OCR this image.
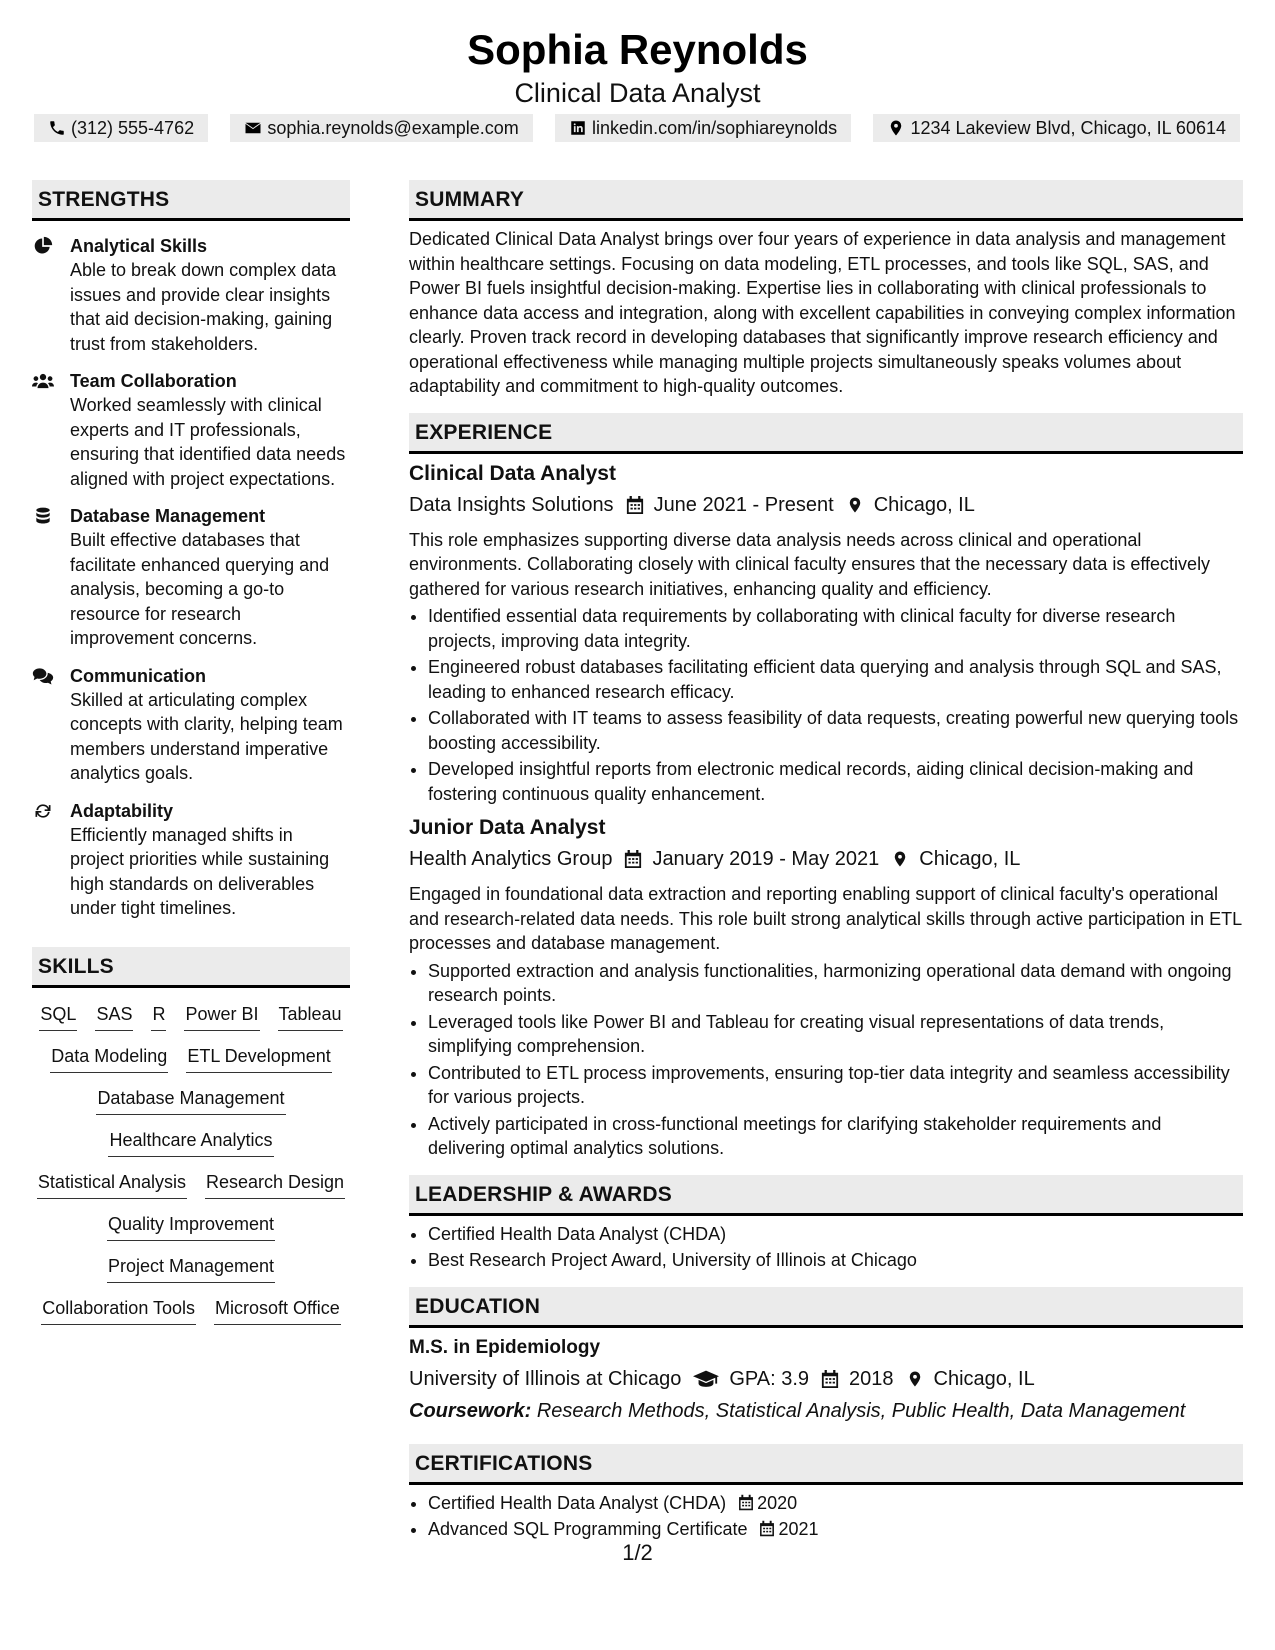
Sophia Reynolds
Clinical Data Analyst
(312) 555-4762	sophia.reynolds@example.com	linkedin.com/in/sophiareynolds	1234 Lakeview Blvd, Chicago, IL 60614
STRENGTHS
Analytical Skills
Able to break down complex data issues and provide clear insights that aid decision-making, gaining trust from stakeholders.
Team Collaboration
Worked seamlessly with clinical experts and IT professionals, ensuring that identified data needs aligned with project expectations.
Database Management
Built effective databases that facilitate enhanced querying and analysis, becoming a go-to resource for research improvement concerns.
Communication
Skilled at articulating complex concepts with clarity, helping team members understand imperative analytics goals.
Adaptability
Efficiently managed shifts in project priorities while sustaining high standards on deliverables under tight timelines.
SKILLS
SQL SAS R Power BI Tableau
Data Modeling ETL Development
Database Management
Healthcare Analytics
Statistical Analysis Research Design
Quality Improvement
Project Management
Collaboration Tools Microsoft Office
SUMMARY
Dedicated Clinical Data Analyst brings over four years of experience in data analysis and management within healthcare settings. Focusing on data modeling, ETL processes, and tools like SQL, SAS, and Power BI fuels insightful decision-making. Expertise lies in collaborating with clinical professionals to enhance data access and integration, along with excellent capabilities in conveying complex information clearly. Proven track record in developing databases that significantly improve research efficiency and operational effectiveness while managing multiple projects simultaneously speaks volumes about adaptability and commitment to high-quality outcomes.
EXPERIENCE
Clinical Data Analyst
Data Insights Solutions June 2021 - Present Chicago, IL
This role emphasizes supporting diverse data analysis needs across clinical and operational environments. Collaborating closely with clinical faculty ensures that the necessary data is effectively gathered for various research initiatives, enhancing quality and efficiency.
• Identified essential data requirements by collaborating with clinical faculty for diverse research projects, improving data integrity.
• Engineered robust databases facilitating efficient data querying and analysis through SQL and SAS, leading to enhanced research efficacy.
• Collaborated with IT teams to assess feasibility of data requests, creating powerful new querying tools boosting accessibility.
• Developed insightful reports from electronic medical records, aiding clinical decision-making and fostering continuous quality enhancement.
Junior Data Analyst
Health Analytics Group January 2019 - May 2021 Chicago, IL
Engaged in foundational data extraction and reporting enabling support of clinical faculty's operational and research-related data needs. This role built strong analytical skills through active participation in ETL processes and database management.
• Supported extraction and analysis functionalities, harmonizing operational data demand with ongoing research points.
• Leveraged tools like Power BI and Tableau for creating visual representations of data trends, simplifying comprehension.
• Contributed to ETL process improvements, ensuring top-tier data integrity and seamless accessibility for various projects.
• Actively participated in cross-functional meetings for clarifying stakeholder requirements and delivering optimal analytics solutions.
LEADERSHIP & AWARDS
• Certified Health Data Analyst (CHDA)
• Best Research Project Award, University of Illinois at Chicago
EDUCATION
M.S. in Epidemiology
University of Illinois at Chicago GPA: 3.9 2018 Chicago, IL
Coursework: Research Methods, Statistical Analysis, Public Health, Data Management
CERTIFICATIONS
• Certified Health Data Analyst (CHDA) 2020
• Advanced SQL Programming Certificate 2021
1/2
